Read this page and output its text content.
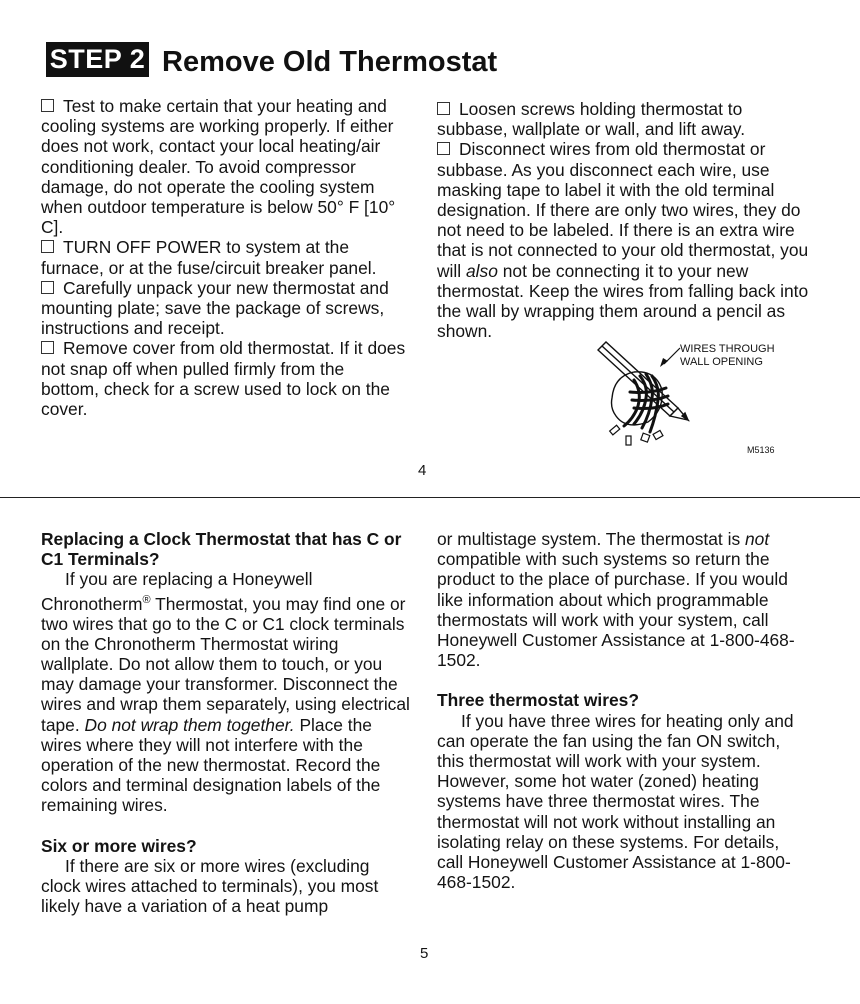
STEP 2 Remove Old Thermostat

Test to make certain that your heating and cooling systems are working properly. If either does not work, contact your local heating/air conditioning dealer. To avoid compressor damage, do not operate the cooling system when outdoor temperature is below 50° F [10° C].

TURN OFF POWER to system at the furnace, or at the fuse/circuit breaker panel.

Carefully unpack your new thermostat and mounting plate; save the package of screws, instructions and receipt.

Remove cover from old thermostat. If it does not snap off when pulled firmly from the bottom, check for a screw used to lock on the cover.

Loosen screws holding thermostat to subbase, wallplate or wall, and lift away.

Disconnect wires from old thermostat or subbase. As you disconnect each wire, use masking tape to label it with the old terminal designation. If there are only two wires, they do not need to be labeled. If there is an extra wire that is not connected to your old thermostat, you will also not be connecting it to your new thermostat. Keep the wires from falling back into the wall by wrapping them around a pencil as shown.

WIRES THROUGH
WALL OPENING
M5136
4

Replacing a Clock Thermostat that has C or C1 Terminals?

If you are replacing a Honeywell Chronotherm® Thermostat, you may find one or two wires that go to the C or C1 clock terminals on the Chronotherm Thermostat wiring wallplate. Do not allow them to touch, or you may damage your transformer. Disconnect the wires and wrap them separately, using electrical tape. Do not wrap them together. Place the wires where they will not interfere with the operation of the new thermostat. Record the colors and terminal designation labels of the remaining wires.

Six or more wires?

If there are six or more wires (excluding clock wires attached to terminals), you most likely have a variation of a heat pump

or multistage system. The thermostat is not compatible with such systems so return the product to the place of purchase. If you would like information about which programmable thermostats will work with your system, call Honeywell Customer Assistance at 1-800-468-1502.

Three thermostat wires?

If you have three wires for heating only and can operate the fan using the fan ON switch, this thermostat will work with your system. However, some hot water (zoned) heating systems have three thermostat wires. The thermostat will not work without installing an isolating relay on these systems. For details, call Honeywell Customer Assistance at 1-800-468-1502.

5
